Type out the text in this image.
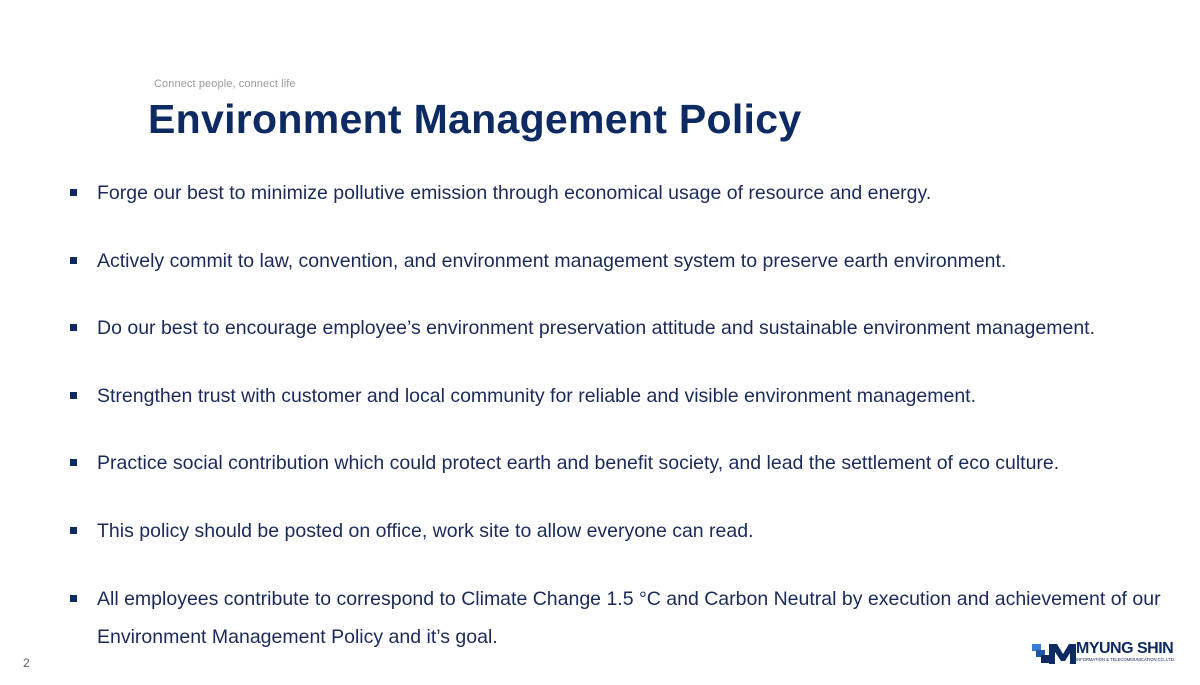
Connect people, connect life
Environment Management Policy
Forge our best to minimize pollutive emission through economical usage of resource and energy.
Actively commit to law, convention, and environment management system to preserve earth environment.
Do our best to encourage employee’s environment preservation attitude and sustainable environment management.
Strengthen trust with customer and local community for reliable and visible environment management.
Practice social contribution which could protect earth and benefit society, and lead the settlement of eco culture.
This policy should be posted on office, work site to allow everyone can read.
All employees contribute to correspond to Climate Change 1.5 °C and Carbon Neutral by execution and achievement of our Environment Management Policy and it’s goal.
2
MYUNG SHIN
INFORMATION & TELECOMMUNICATION CO.,LTD.
